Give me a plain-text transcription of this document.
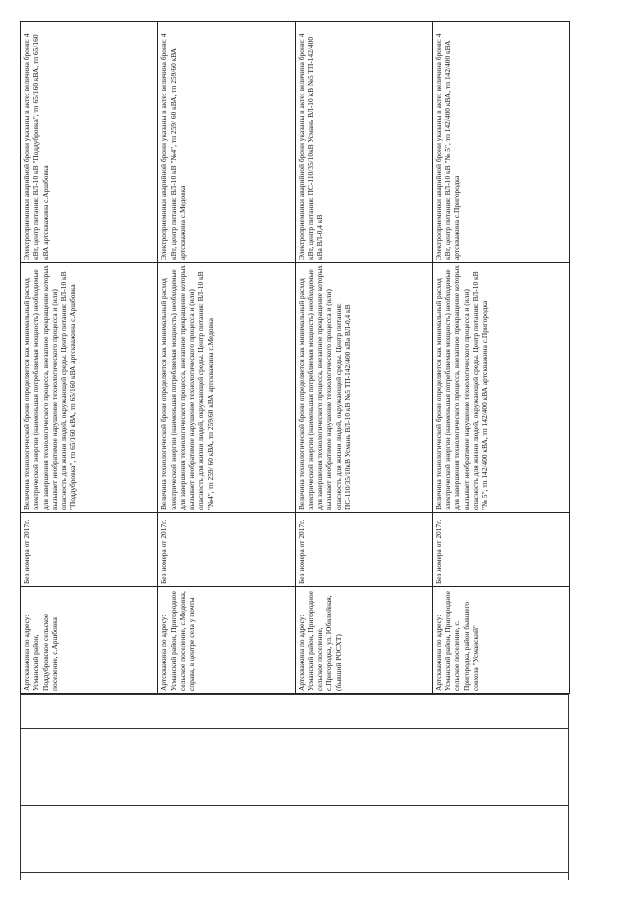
Артскважина по адресу: Усманский район, Поддубровское сельское поселение, с.Аршбовка	Без номера от 2017г.	Величина технологической брони определяется как минимальный расход электрической энергии (наименьшая потребляемая мощность) необходимые для завершения технологического процесса, внезапное прекращение которых вызывает необратимое нарушение технологического процесса и (или) опасность для жизни людей, окружающей среды. Центр питания: ВЛ-10 кВ "Поддубровка", тп 65/160 кВА, тп 65/160 кВА артскважина с.Аршбовка	Электроприемники аварийной брони указаны в акте: величина брони: 4 кВт, центр питания: ВЛ-10 кВ "Поддубровка", тп 65/160 кВА, тп 65/160 кВА артскважина с.Аршбовка
Артскважина по адресу: Усманский район, Пригородное сельское поселение, с.Медовка, справа, в центре села у почты	Без номера от 2017г.	Величина технологической брони определяется как минимальный расход электрической энергии (наименьшая потребляемая мощность) необходимые для завершения технологического процесса, внезапное прекращение которых вызывает необратимое нарушение технологического процесса и (или) опасность для жизни людей, окружающей среды. Центр питания: ВЛ-10 кВ "№4", тп 259/ 60 кВА, тп 259/60 кВА артскважина с.Медовка	Электроприемники аварийной брони указаны в акте: величина брони: 4 кВт, центр питания: ВЛ-10 кВ "№4", тп 259/ 60 кВА, тп 259/60 кВА артскважина с.Медовка
Артскважина по адресу: Усманский район, Пригородное сельское поселение, с.Пригородка, ул. Юбилейная, (бывший РОСХТ)	Без номера от 2017г.	Величина технологической брони определяется как минимальный расход электрической энергии (наименьшая потребляемая мощность) необходимые для завершения технологического процесса, внезапное прекращение которых вызывает необратимое нарушение технологического процесса и (или) опасность для жизни людей, окружающей среды. Центр питания: ПС-110/35/10кВ Усмань ВЛ-10 кВ №5 ТП-142/400 кВа ВЛ-0,4 кВ	Электроприемники аварийной брони указаны в акте: величина брони: 4 кВт, центр питания: ПС-110/35/10кВ Усмань ВЛ-10 кВ №5 ТП-142/400 кВа ВЛ-0,4 кВ
Артскважина по адресу: Усманский район, Пригородное сельское поселение, с. Пригородка, район бывшего совхоза "Усманский"	Без номера от 2017г.	Величина технологической брони определяется как минимальный расход электрической энергии (наименьшая потребляемая мощность) необходимые для завершения технологического процесса, внезапное прекращение которых вызывает необратимое нарушение технологического процесса и (или) опасность для жизни людей, окружающей среды. Центр питания: ВЛ-10 кВ "№ 5", тп 142/400 кВА, тп 142/400 кВА артскважина с.Пригородка	Электроприемники аварийной брони указаны в акте: величина брони: 4 кВт, центр питания: ВЛ-10 кВ "№ 5", тп 142/400 кВА, тп 142/400 кВА артскважина с.Пригородка
